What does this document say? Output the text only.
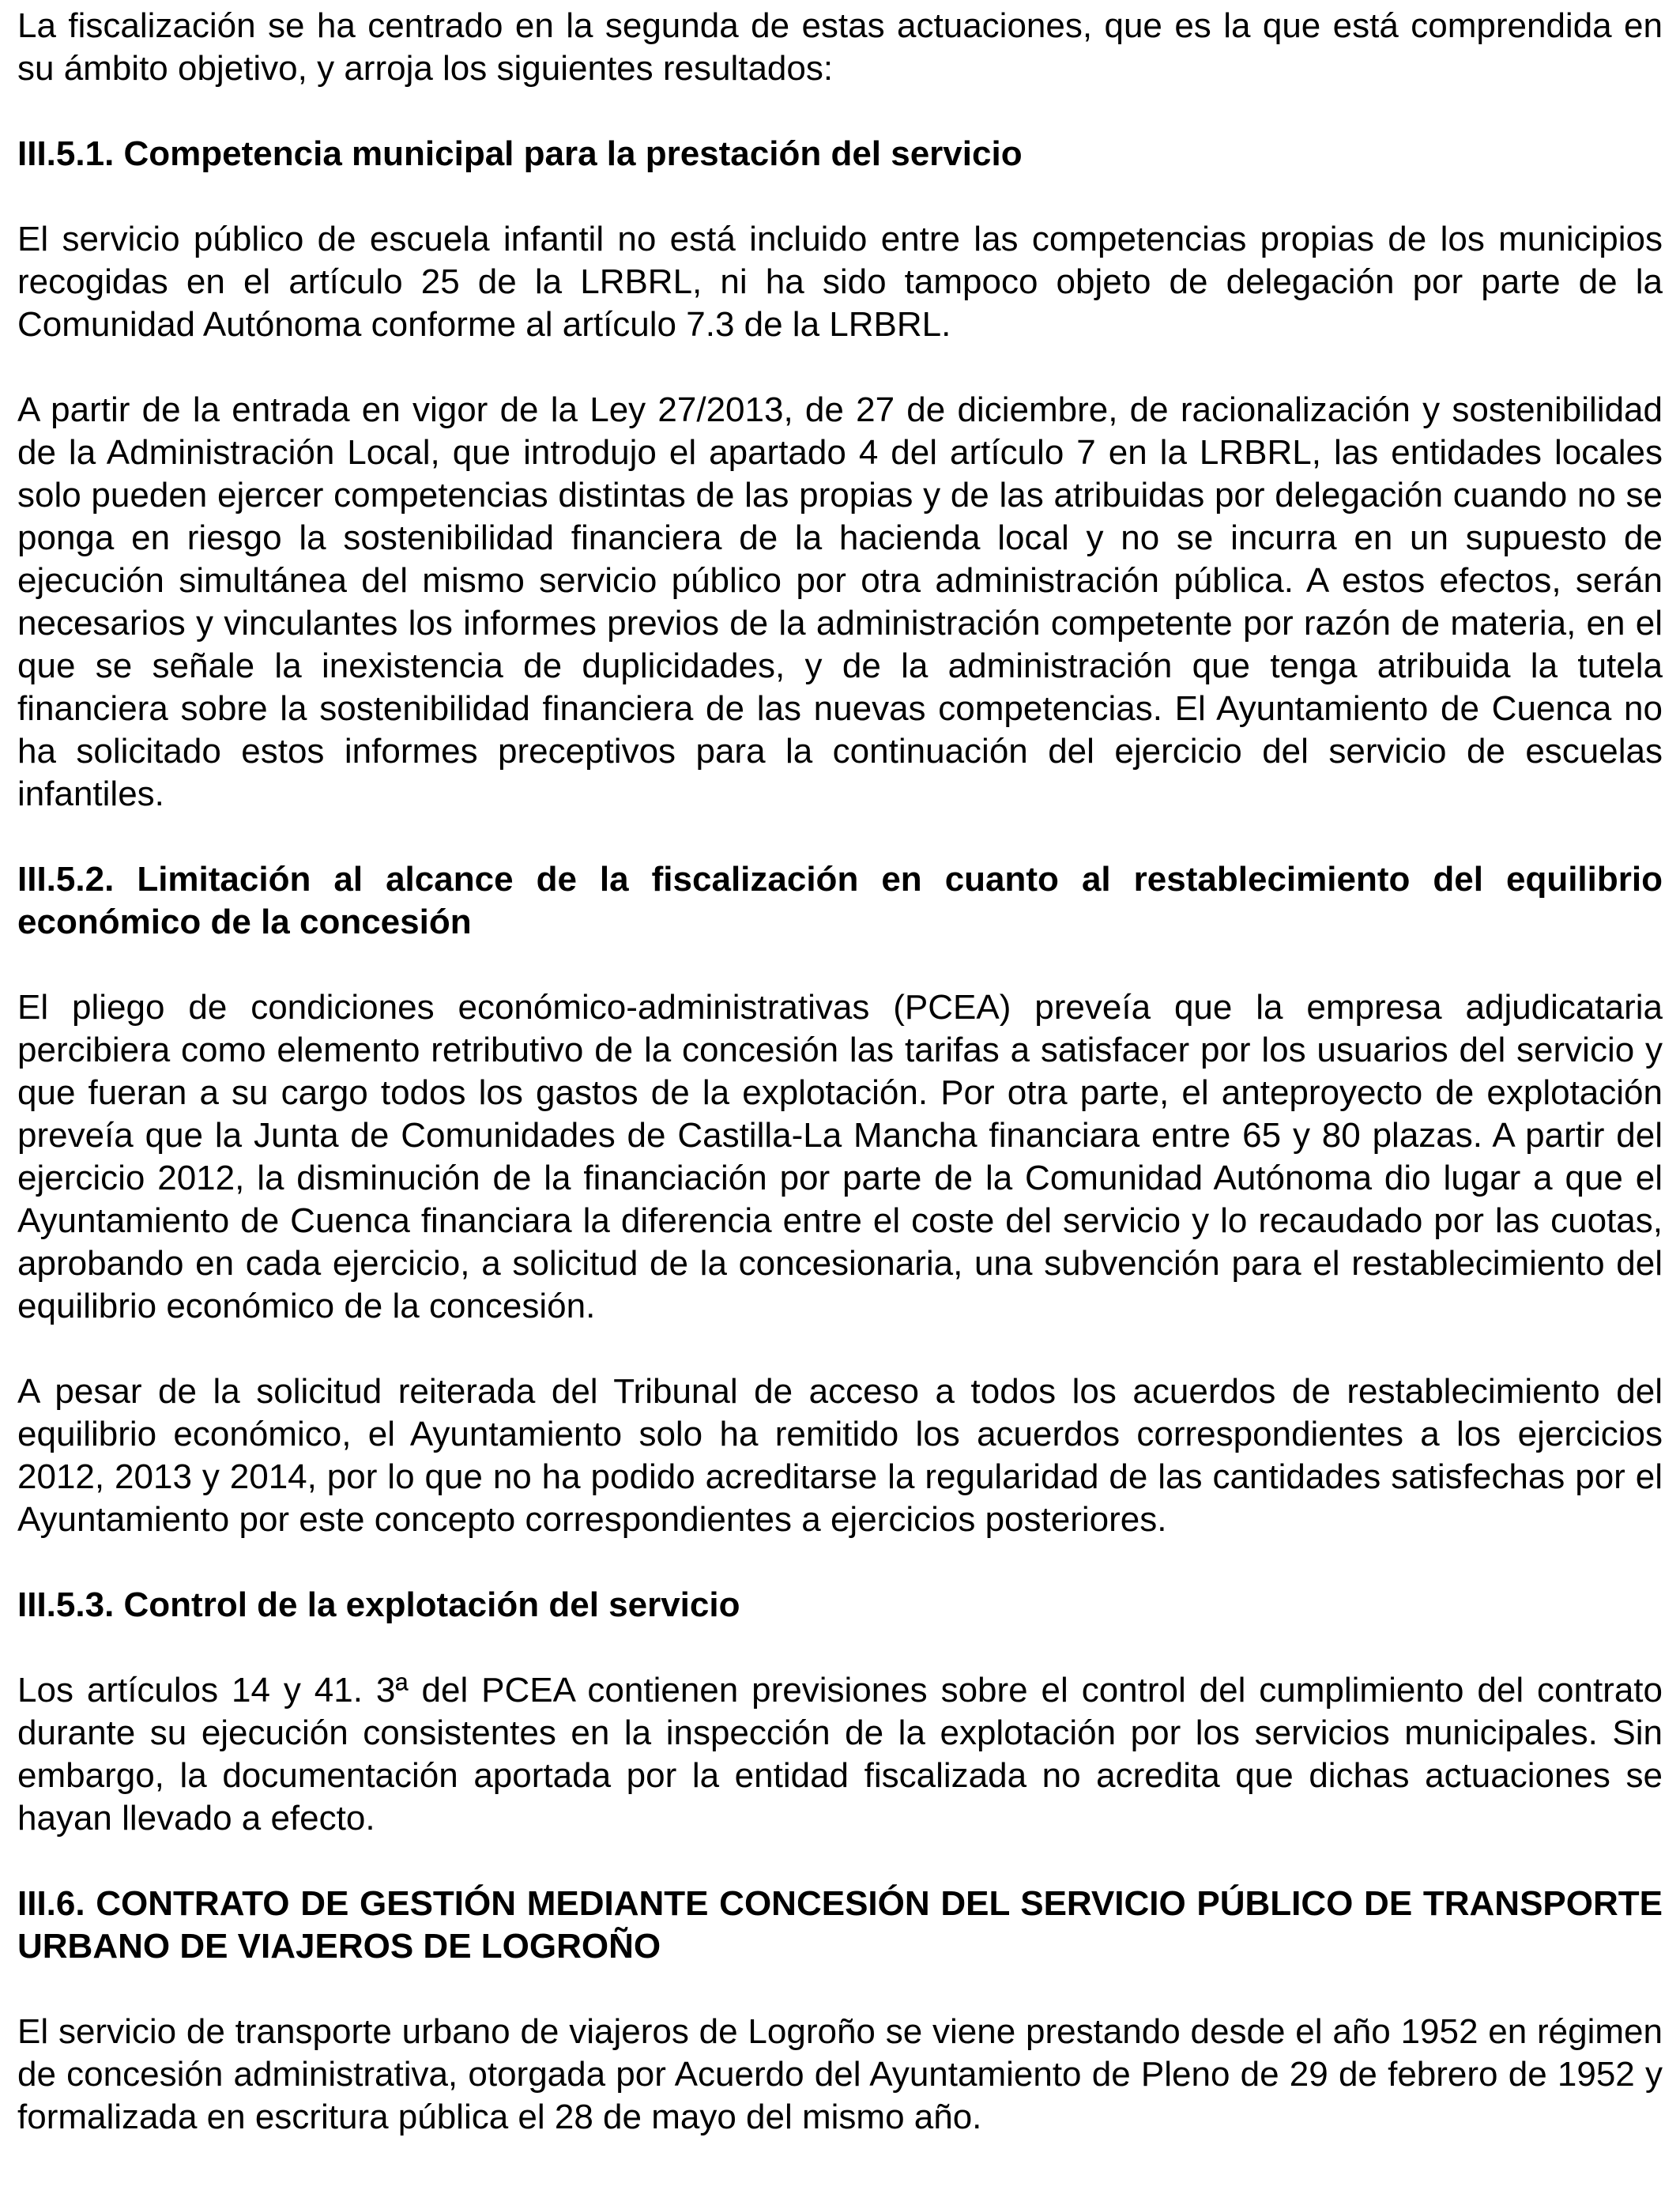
La fiscalización se ha centrado en la segunda de estas actuaciones, que es la que está comprendida en su ámbito objetivo, y arroja los siguientes resultados:

III.5.1. Competencia municipal para la prestación del servicio

El servicio público de escuela infantil no está incluido entre las competencias propias de los municipios recogidas en el artículo 25 de la LRBRL, ni ha sido tampoco objeto de delegación por parte de la Comunidad Autónoma conforme al artículo 7.3 de la LRBRL.

A partir de la entrada en vigor de la Ley 27/2013, de 27 de diciembre, de racionalización y sostenibilidad de la Administración Local, que introdujo el apartado 4 del artículo 7 en la LRBRL, las entidades locales solo pueden ejercer competencias distintas de las propias y de las atribuidas por delegación cuando no se ponga en riesgo la sostenibilidad financiera de la hacienda local y no se incurra en un supuesto de ejecución simultánea del mismo servicio público por otra administración pública. A estos efectos, serán necesarios y vinculantes los informes previos de la administración competente por razón de materia, en el que se señale la inexistencia de duplicidades, y de la administración que tenga atribuida la tutela financiera sobre la sostenibilidad financiera de las nuevas competencias. El Ayuntamiento de Cuenca no ha solicitado estos informes preceptivos para la continuación del ejercicio del servicio de escuelas infantiles.

III.5.2. Limitación al alcance de la fiscalización en cuanto al restablecimiento del equilibrio económico de la concesión

El pliego de condiciones económico-administrativas (PCEA) preveía que la empresa adjudicataria percibiera como elemento retributivo de la concesión las tarifas a satisfacer por los usuarios del servicio y que fueran a su cargo todos los gastos de la explotación. Por otra parte, el anteproyecto de explotación preveía que la Junta de Comunidades de Castilla-La Mancha financiara entre 65 y 80 plazas. A partir del ejercicio 2012, la disminución de la financiación por parte de la Comunidad Autónoma dio lugar a que el Ayuntamiento de Cuenca financiara la diferencia entre el coste del servicio y lo recaudado por las cuotas, aprobando en cada ejercicio, a solicitud de la concesionaria, una subvención para el restablecimiento del equilibrio económico de la concesión.

A pesar de la solicitud reiterada del Tribunal de acceso a todos los acuerdos de restablecimiento del equilibrio económico, el Ayuntamiento solo ha remitido los acuerdos correspondientes a los ejercicios 2012, 2013 y 2014, por lo que no ha podido acreditarse la regularidad de las cantidades satisfechas por el Ayuntamiento por este concepto correspondientes a ejercicios posteriores.

III.5.3. Control de la explotación del servicio

Los artículos 14 y 41. 3ª del PCEA contienen previsiones sobre el control del cumplimiento del contrato durante su ejecución consistentes en la inspección de la explotación por los servicios municipales. Sin embargo, la documentación aportada por la entidad fiscalizada no acredita que dichas actuaciones se hayan llevado a efecto.

III.6. CONTRATO DE GESTIÓN MEDIANTE CONCESIÓN DEL SERVICIO PÚBLICO DE TRANSPORTE URBANO DE VIAJEROS DE LOGROÑO

El servicio de transporte urbano de viajeros de Logroño se viene prestando desde el año 1952 en régimen de concesión administrativa, otorgada por Acuerdo del Ayuntamiento de Pleno de 29 de febrero de 1952 y formalizada en escritura pública el 28 de mayo del mismo año.
